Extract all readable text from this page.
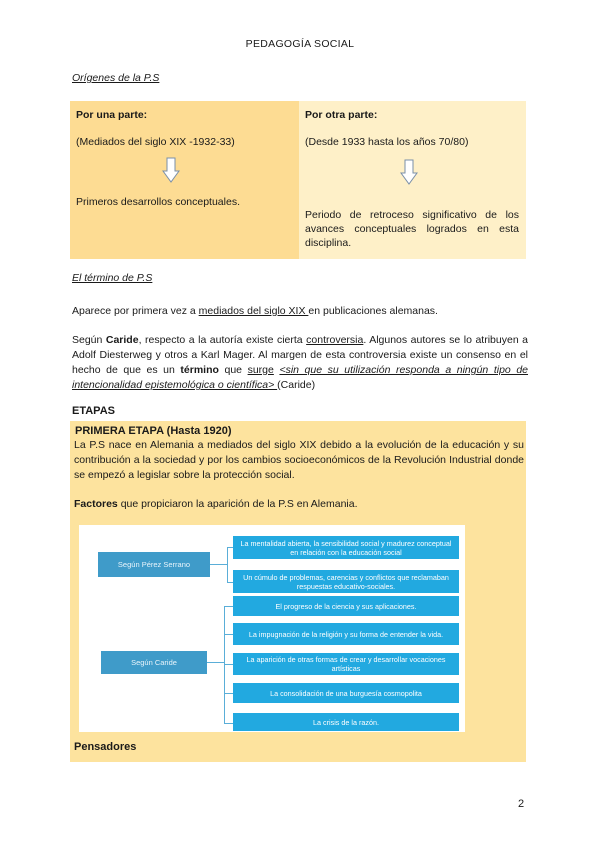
PEDAGOGÍA SOCIAL
Orígenes de la P.S
Por una parte:
(Mediados del siglo XIX -1932-33)
Primeros desarrollos conceptuales.
Por otra parte:
(Desde 1933 hasta los años 70/80)
Periodo de retroceso significativo de los avances conceptuales logrados en esta disciplina.
El término de P.S
Aparece por primera vez a mediados del siglo XIX en publicaciones alemanas.
Según Caride, respecto a la autoría existe cierta controversia. Algunos autores se lo atribuyen a Adolf Diesterweg y otros a Karl Mager. Al margen de esta controversia existe un consenso en el hecho de que es un término que surge <sin que su utilización responda a ningún tipo de intencionalidad epistemológica o científica> (Caride)
ETAPAS
PRIMERA ETAPA (Hasta 1920)
La P.S nace en Alemania a mediados del siglo XIX debido a la evolución de la educación y su contribución a la sociedad y por los cambios socioeconómicos de la Revolución Industrial donde se empezó a legislar sobre la protección social.
Factores que propiciaron la aparición de la P.S en Alemania.
Según Pérez Serrano
La mentalidad abierta, la sensibilidad social y madurez conceptual en relación con la educación social
Un cúmulo de problemas, carencias y conflictos que reclamaban respuestas educativo-sociales.
Según Caride
El progreso de la ciencia y sus aplicaciones.
La impugnación de la religión y su forma de entender la vida.
La aparición de otras formas de crear y desarrollar vocaciones artísticas
La consolidación de una burguesía cosmopolita
La crisis de la razón.
Pensadores
2
